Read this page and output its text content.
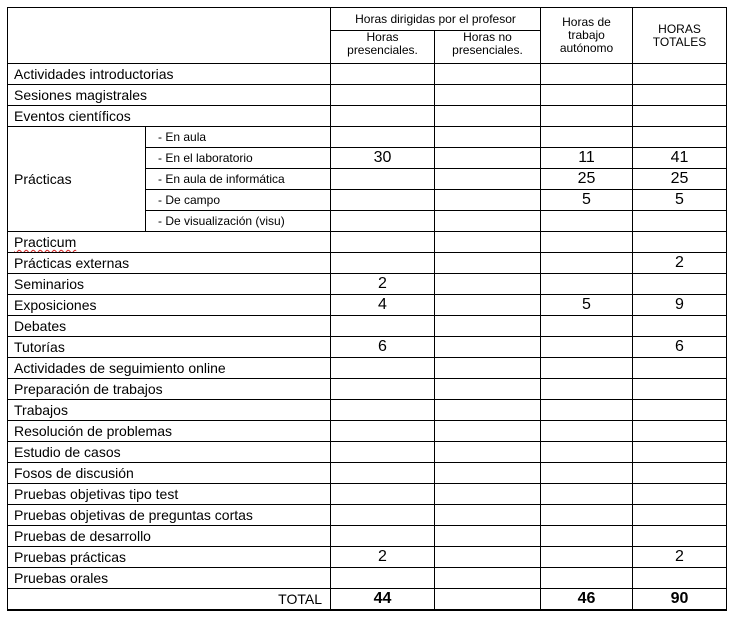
		Horas dirigidas por el profesor		Horas de trabajo autónomo	HORAS TOTALES
		Horas presenciales.	Horas no presenciales.		
Actividades introductorias					
Sesiones magistrales					
Eventos científicos					
Prácticas	- En aula				
	- En el laboratorio	30		11	41
	- En aula de informática			25	25
	- De campo			5	5
	- De visualización (visu)				
Practicum					
Prácticas externas					2
Seminarios		2			
Exposiciones		4		5	9
Debates					
Tutorías		6			6
Actividades de seguimiento online					
Preparación de trabajos					
Trabajos					
Resolución de problemas					
Estudio de casos					
Fosos de discusión					
Pruebas objetivas tipo test					
Pruebas objetivas de preguntas cortas					
Pruebas de desarrollo					
Pruebas prácticas		2			2
Pruebas orales					
TOTAL		44		46	90
